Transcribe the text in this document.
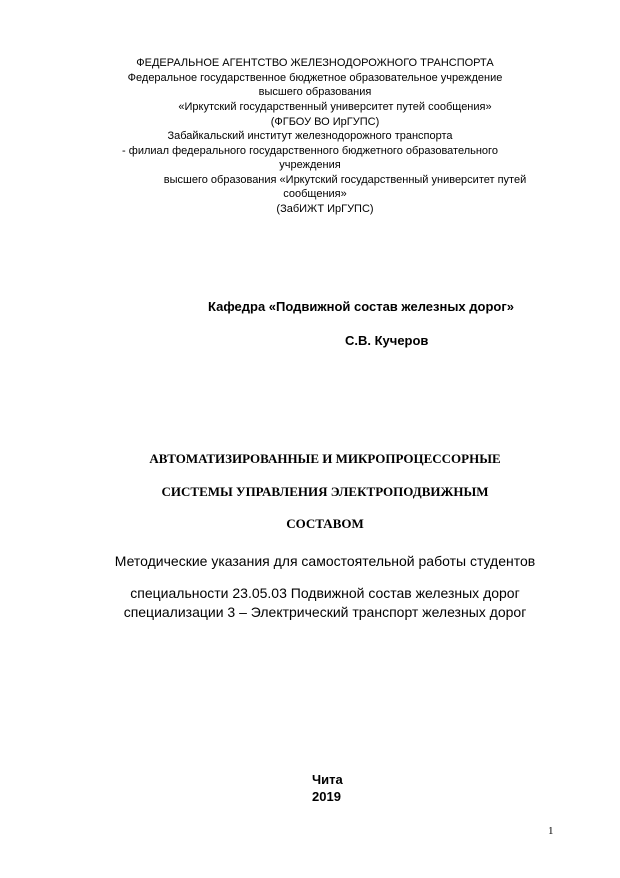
ФЕДЕРАЛЬНОЕ АГЕНТСТВО ЖЕЛЕЗНОДОРОЖНОГО ТРАНСПОРТА
Федеральное государственное бюджетное образовательное учреждение
высшего образования
«Иркутский государственный университет путей сообщения»
(ФГБОУ ВО ИрГУПС)
Забайкальский институт железнодорожного транспорта
- филиал федерального государственного бюджетного образовательного
учреждения
высшего образования «Иркутский государственный университет путей
сообщения»
(ЗабИЖТ ИрГУПС)
Кафедра «Подвижной состав железных дорог»
С.В. Кучеров
АВТОМАТИЗИРОВАННЫЕ И МИКРОПРОЦЕССОРНЫЕ
СИСТЕМЫ УПРАВЛЕНИЯ ЭЛЕКТРОПОДВИЖНЫМ
СОСТАВОМ
Методические указания для самостоятельной работы студентов
специальности 23.05.03 Подвижной состав железных дорог
специализации 3 – Электрический транспорт железных дорог
Чита
2019
1
